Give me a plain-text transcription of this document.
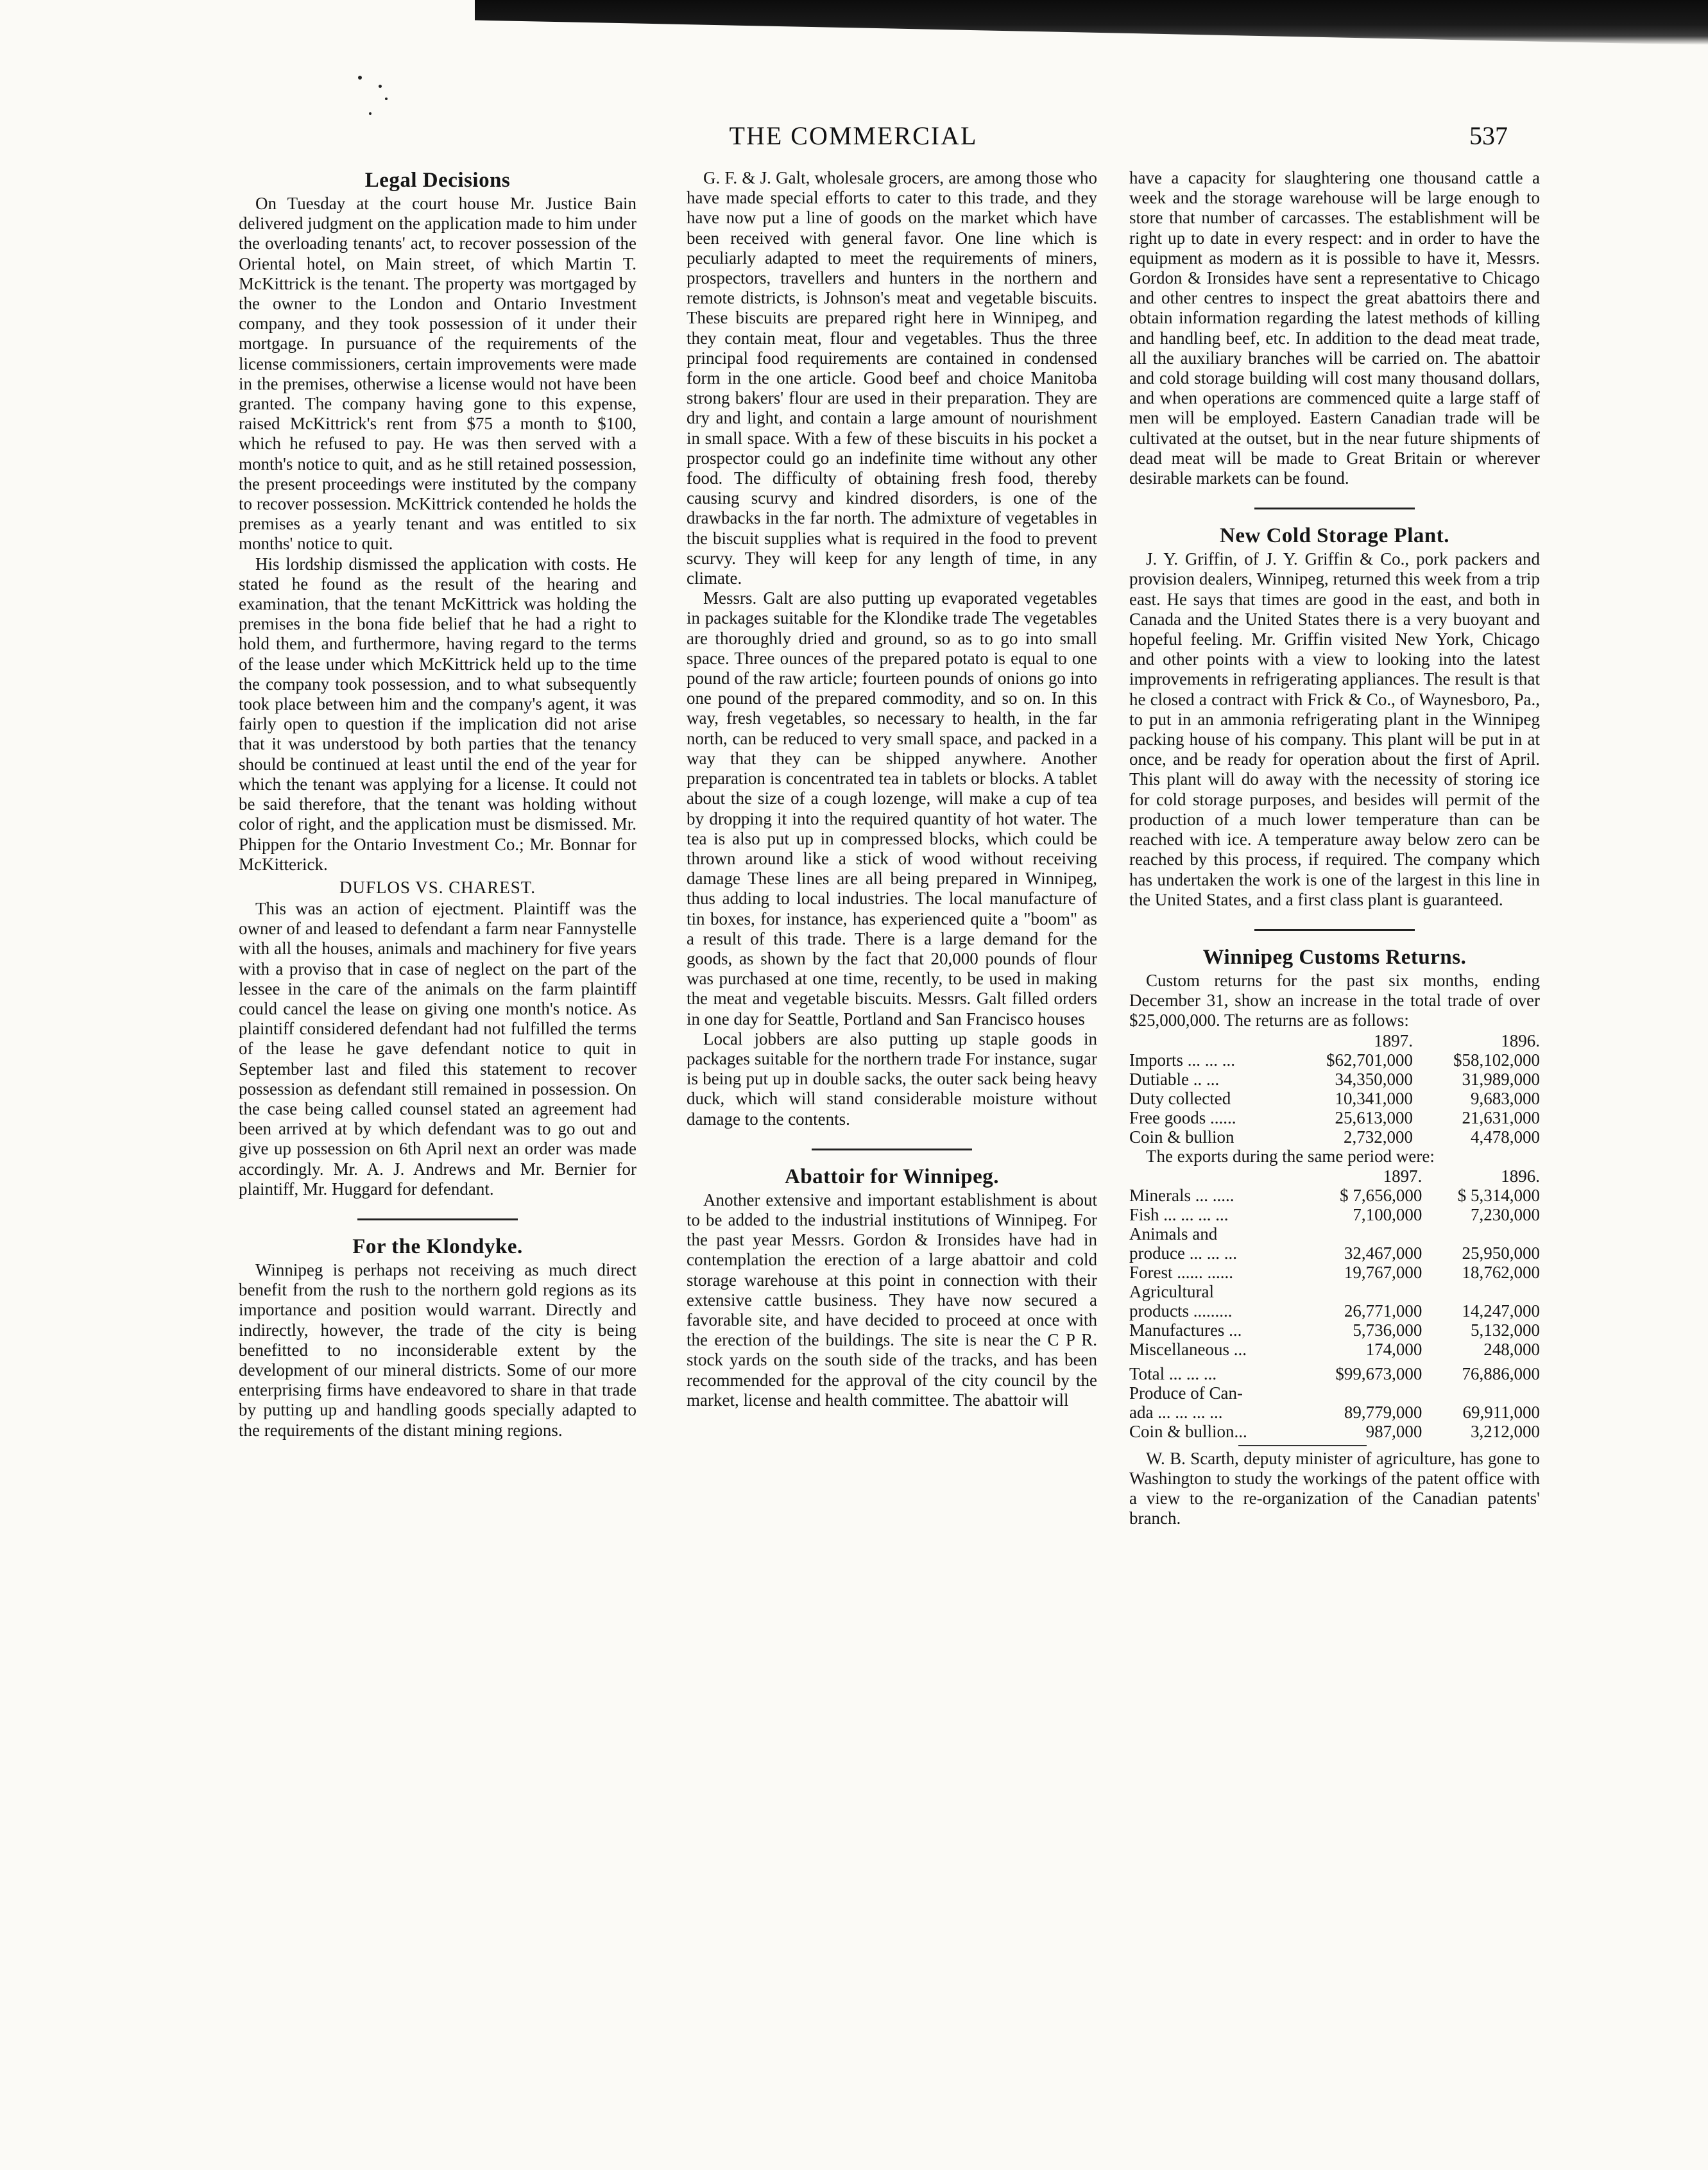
THE COMMERCIAL	537
Legal Decisions

On Tuesday at the court house Mr. Justice Bain delivered judgment on the application made to him under the overloading tenants' act, to recover possession of the Oriental hotel, on Main street, of which Martin T. McKittrick is the tenant. The property was mortgaged by the owner to the London and Ontario Investment company, and they took possession of it under their mortgage. In pursuance of the requirements of the license commissioners, certain improvements were made in the premises, otherwise a license would not have been granted. The company having gone to this expense, raised McKittrick's rent from $75 a month to $100, which he refused to pay. He was then served with a month's notice to quit, and as he still retained possession, the present proceedings were instituted by the company to recover possession. McKittrick contended he holds the premises as a yearly tenant and was entitled to six months' notice to quit.

His lordship dismissed the application with costs. He stated he found as the result of the hearing and examination, that the tenant McKittrick was holding the premises in the bona fide belief that he had a right to hold them, and furthermore, having regard to the terms of the lease under which McKittrick held up to the time the company took possession, and to what subsequently took place between him and the company's agent, it was fairly open to question if the implication did not arise that it was understood by both parties that the tenancy should be continued at least until the end of the year for which the tenant was applying for a license. It could not be said therefore, that the tenant was holding without color of right, and the application must be dismissed. Mr. Phippen for the Ontario Investment Co.; Mr. Bonnar for McKitterick.

DUFLOS VS. CHAREST.

This was an action of ejectment. Plaintiff was the owner of and leased to defendant a farm near Fannystelle with all the houses, animals and machinery for five years with a proviso that in case of neglect on the part of the lessee in the care of the animals on the farm plaintiff could cancel the lease on giving one month's notice. As plaintiff considered defendant had not fulfilled the terms of the lease he gave defendant notice to quit in September last and filed this statement to recover possession as defendant still remained in possession. On the case being called counsel stated an agreement had been arrived at by which defendant was to go out and give up possession on 6th April next an order was made accordingly. Mr. A. J. Andrews and Mr. Bernier for plaintiff, Mr. Huggard for defendant.

For the Klondyke.

Winnipeg is perhaps not receiving as much direct benefit from the rush to the northern gold regions as its importance and position would warrant. Directly and indirectly, however, the trade of the city is being benefitted to no inconsiderable extent by the development of our mineral districts. Some of our more enterprising firms have endeavored to share in that trade by putting up and handling goods specially adapted to the requirements of the distant mining regions.

G. F. & J. Galt, wholesale grocers, are among those who have made special efforts to cater to this trade, and they have now put a line of goods on the market which have been received with general favor. One line which is peculiarly adapted to meet the requirements of miners, prospectors, travellers and hunters in the northern and remote districts, is Johnson's meat and vegetable biscuits. These biscuits are prepared right here in Winnipeg, and they contain meat, flour and vegetables. Thus the three principal food requirements are contained in condensed form in the one article. Good beef and choice Manitoba strong bakers' flour are used in their preparation. They are dry and light, and contain a large amount of nourishment in small space. With a few of these biscuits in his pocket a prospector could go an indefinite time without any other food. The difficulty of obtaining fresh food, thereby causing scurvy and kindred disorders, is one of the drawbacks in the far north. The admixture of vegetables in the biscuit supplies what is required in the food to prevent scurvy. They will keep for any length of time, in any climate.

Messrs. Galt are also putting up evaporated vegetables in packages suitable for the Klondike trade The vegetables are thoroughly dried and ground, so as to go into small space. Three ounces of the prepared potato is equal to one pound of the raw article; fourteen pounds of onions go into one pound of the prepared commodity, and so on. In this way, fresh vegetables, so necessary to health, in the far north, can be reduced to very small space, and packed in a way that they can be shipped anywhere. Another preparation is concentrated tea in tablets or blocks. A tablet about the size of a cough lozenge, will make a cup of tea by dropping it into the required quantity of hot water. The tea is also put up in compressed blocks, which could be thrown around like a stick of wood without receiving damage These lines are all being prepared in Winnipeg, thus adding to local industries. The local manufacture of tin boxes, for instance, has experienced quite a "boom" as a result of this trade. There is a large demand for the goods, as shown by the fact that 20,000 pounds of flour was purchased at one time, recently, to be used in making the meat and vegetable biscuits. Messrs. Galt filled orders in one day for Seattle, Portland and San Francisco houses

Local jobbers are also putting up staple goods in packages suitable for the northern trade For instance, sugar is being put up in double sacks, the outer sack being heavy duck, which will stand considerable moisture without damage to the contents.

Abattoir for Winnipeg.

Another extensive and important establishment is about to be added to the industrial institutions of Winnipeg. For the past year Messrs. Gordon & Ironsides have had in contemplation the erection of a large abattoir and cold storage warehouse at this point in connection with their extensive cattle business. They have now secured a favorable site, and have decided to proceed at once with the erection of the buildings. The site is near the C P R. stock yards on the south side of the tracks, and has been recommended for the approval of the city council by the market, license and health committee. The abattoir will

have a capacity for slaughtering one thousand cattle a week and the storage warehouse will be large enough to store that number of carcasses. The establishment will be right up to date in every respect: and in order to have the equipment as modern as it is possible to have it, Messrs. Gordon & Ironsides have sent a representative to Chicago and other centres to inspect the great abattoirs there and obtain information regarding the latest methods of killing and handling beef, etc. In addition to the dead meat trade, all the auxiliary branches will be carried on. The abattoir and cold storage building will cost many thousand dollars, and when operations are commenced quite a large staff of men will be employed. Eastern Canadian trade will be cultivated at the outset, but in the near future shipments of dead meat will be made to Great Britain or wherever desirable markets can be found.

New Cold Storage Plant.

J. Y. Griffin, of J. Y. Griffin & Co., pork packers and provision dealers, Winnipeg, returned this week from a trip east. He says that times are good in the east, and both in Canada and the United States there is a very buoyant and hopeful feeling. Mr. Griffin visited New York, Chicago and other points with a view to looking into the latest improvements in refrigerating appliances. The result is that he closed a contract with Frick & Co., of Waynesboro, Pa., to put in an ammonia refrigerating plant in the Winnipeg packing house of his company. This plant will be put in at once, and be ready for operation about the first of April. This plant will do away with the necessity of storing ice for cold storage purposes, and besides will permit of the production of a much lower temperature than can be reached with ice. A temperature away below zero can be reached by this process, if required. The company which has undertaken the work is one of the largest in this line in the United States, and a first class plant is guaranteed.

Winnipeg Customs Returns.

Custom returns for the past six months, ending December 31, show an increase in the total trade of over $25,000,000. The returns are as follows:

	1897.	1896.
Imports ... ... ...	$62,701,000	$58,102,000
Dutiable .. ...	34,350,000	31,989,000
Duty collected	10,341,000	9,683,000
Free goods ......	25,613,000	21,631,000
Coin & bullion	2,732,000	4,478,000

The exports during the same period were:

	1897.	1896.
Minerals ... .....	$ 7,656,000	$ 5,314,000
Fish ... ... ... ...	7,100,000	7,230,000
Animals and		
produce ... ... ...	32,467,000	25,950,000
Forest ...... ......	19,767,000	18,762,000
Agricultural		
products .........	26,771,000	14,247,000
Manufactures ...	5,736,000	5,132,000
Miscellaneous ...	174,000	248,000
Total ... ... ...	$99,673,000	76,886,000
Produce of Can-		
ada ... ... ... ...	89,779,000	69,911,000
Coin & bullion...	987,000	3,212,000

W. B. Scarth, deputy minister of agriculture, has gone to Washington to study the workings of the patent office with a view to the re-organization of the Canadian patents' branch.
